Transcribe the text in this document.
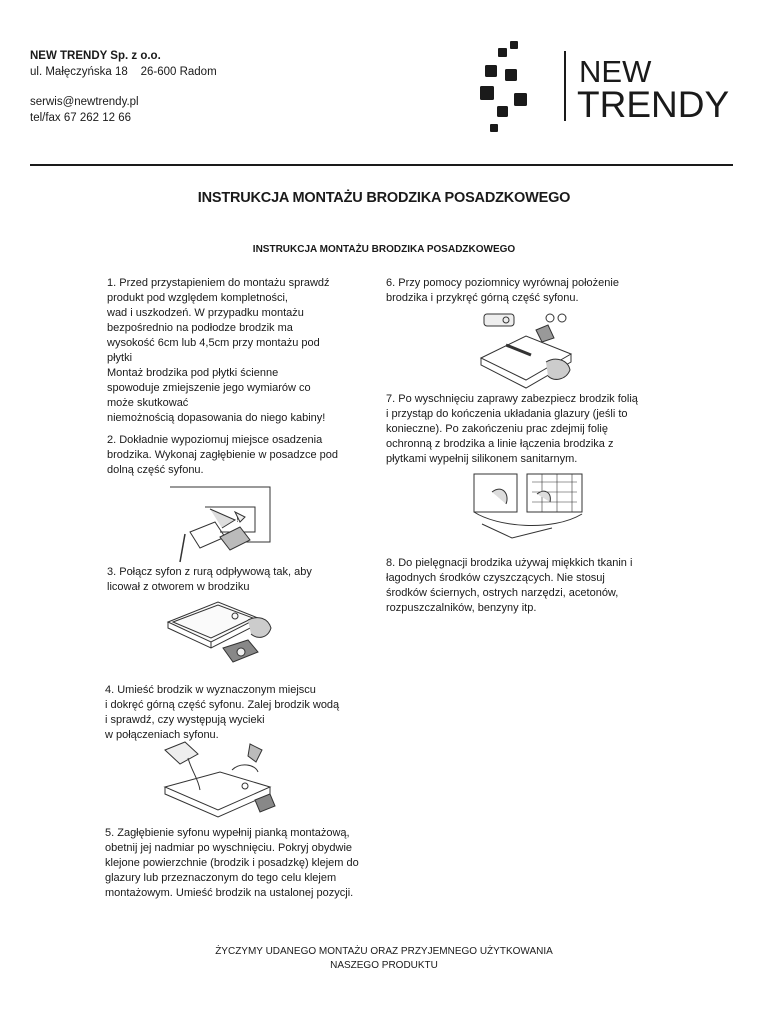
NEW TRENDY Sp. z o.o.
ul. Małęczyńska 18    26-600 Radom
serwis@newtrendy.pl
tel/fax 67 262 12 66
NEW
TRENDY
INSTRUKCJA MONTAŻU BRODZIKA POSADZKOWEGO
INSTRUKCJA MONTAŻU BRODZIKA POSADZKOWEGO
1. Przed przystapieniem do montażu sprawdź
produkt pod względem kompletności,
wad i uszkodzeń. W przypadku montażu
bezpośrednio na podłodze brodzik ma
wysokość 6cm lub 4,5cm przy montażu pod
płytki
Montaż brodzika pod płytki ścienne
spowoduje zmiejszenie jego wymiarów co
może skutkować
niemożnością dopasowania do niego kabiny!
2. Dokładnie wypoziomuj miejsce osadzenia
brodzika. Wykonaj zagłębienie w posadzce pod
dolną część syfonu.
!
3. Połącz syfon z rurą odpływową tak, aby
licował z otworem w brodziku
4. Umieść brodzik w wyznaczonym miejscu
i dokręć górną część syfonu. Zalej brodzik wodą
i sprawdź, czy występują wycieki
w połączeniach syfonu.
5. Zagłębienie syfonu wypełnij pianką montażową,
obetnij jej nadmiar po wyschnięciu. Pokryj obydwie
klejone powierzchnie (brodzik i posadzkę) klejem do
glazury lub przeznaczonym do tego celu klejem
montażowym. Umieść brodzik na ustalonej pozycji.
6. Przy pomocy poziomnicy wyrównaj położenie
brodzika i przykręć górną część syfonu.
7. Po wyschnięciu zaprawy zabezpiecz brodzik folią
i przystąp do kończenia układania glazury (jeśli to
konieczne). Po zakończeniu prac zdejmij folię
ochronną z brodzika a linie łączenia brodzika z
płytkami wypełnij silikonem sanitarnym.
8. Do pielęgnacji brodzika używaj miękkich tkanin i
łagodnych środków czyszczących. Nie stosuj
środków ściernych, ostrych narzędzi, acetonów,
rozpuszczalników, benzyny itp.
ŻYCZYMY UDANEGO MONTAŻU ORAZ PRZYJEMNEGO UŻYTKOWANIA
NASZEGO PRODUKTU
